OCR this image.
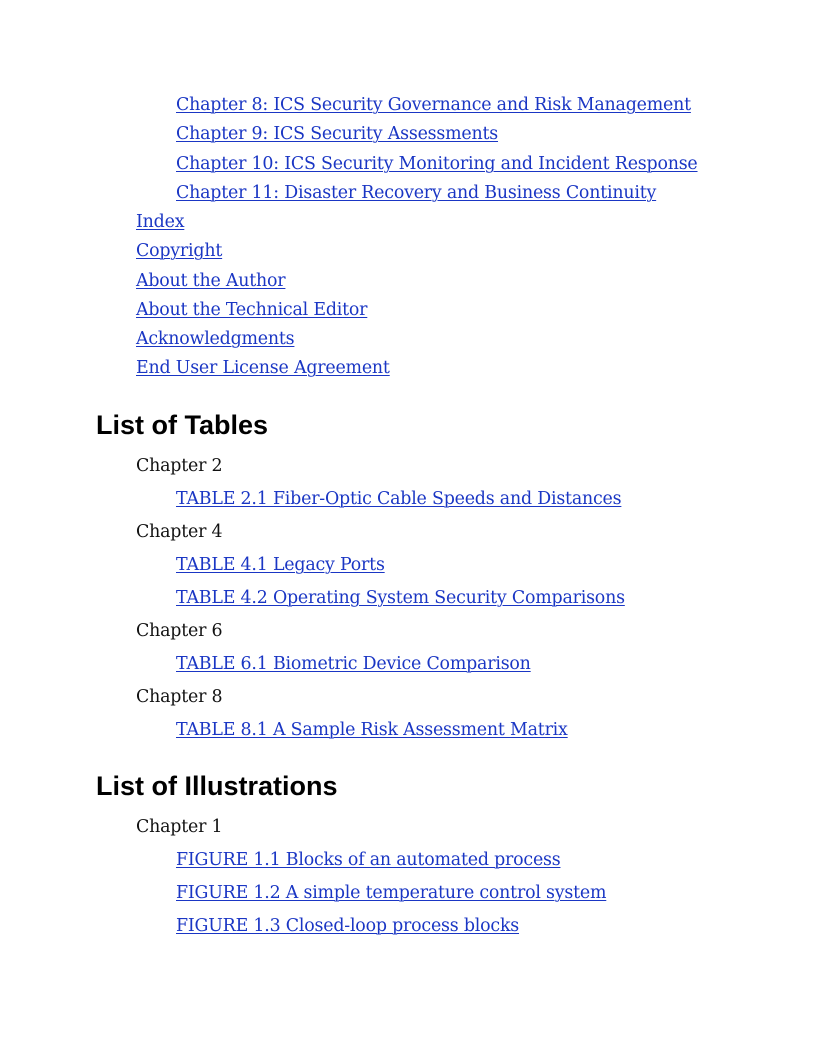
Chapter 8: ICS Security Governance and Risk Management
Chapter 9: ICS Security Assessments
Chapter 10: ICS Security Monitoring and Incident Response
Chapter 11: Disaster Recovery and Business Continuity
Index
Copyright
About the Author
About the Technical Editor
Acknowledgments
End User License Agreement
List of Tables
Chapter 2
TABLE 2.1 Fiber-Optic Cable Speeds and Distances
Chapter 4
TABLE 4.1 Legacy Ports
TABLE 4.2 Operating System Security Comparisons
Chapter 6
TABLE 6.1 Biometric Device Comparison
Chapter 8
TABLE 8.1 A Sample Risk Assessment Matrix
List of Illustrations
Chapter 1
FIGURE 1.1 Blocks of an automated process
FIGURE 1.2 A simple temperature control system
FIGURE 1.3 Closed-loop process blocks
